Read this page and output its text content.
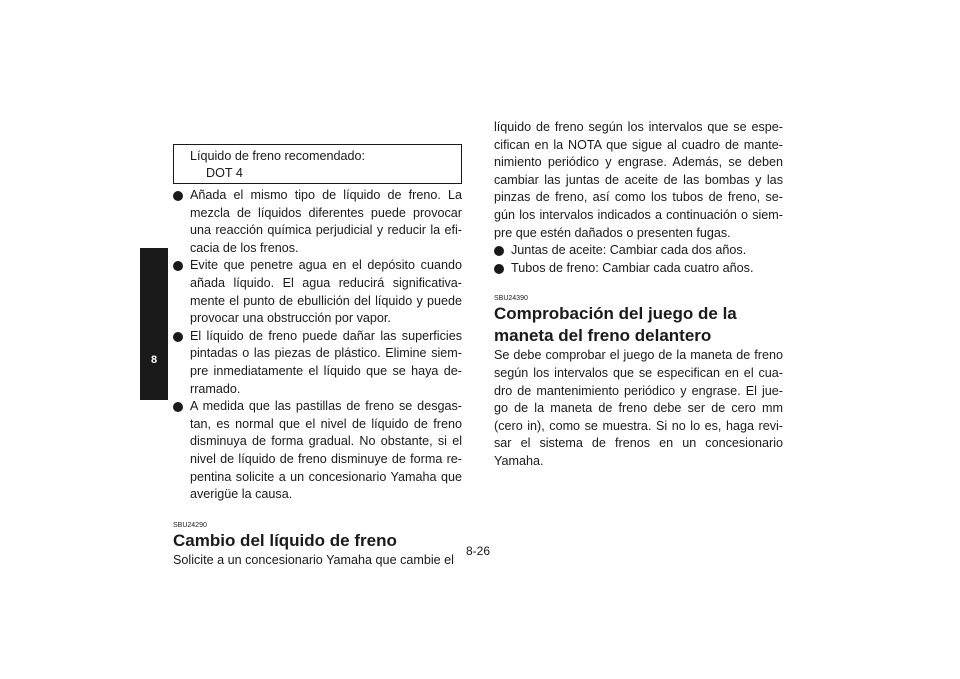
8
Líquido de freno recomendado:
DOT 4
Añada el mismo tipo de líquido de freno. La mezcla de líquidos diferentes puede provocar una reacción química perjudicial y reducir la efi-cacia de los frenos.
Evite que penetre agua en el depósito cuando añada líquido. El agua reducirá significativa-mente el punto de ebullición del líquido y puede provocar una obstrucción por vapor.
El líquido de freno puede dañar las superficies pintadas o las piezas de plástico. Elimine siem-pre inmediatamente el líquido que se haya de-rramado.
A medida que las pastillas de freno se desgas-tan, es normal que el nivel de líquido de freno disminuya de forma gradual. No obstante, si el nivel de líquido de freno disminuye de forma re-pentina solicite a un concesionario Yamaha que averigüe la causa.

SBU24290

Cambio del líquido de freno

Solicite a un concesionario Yamaha que cambie el

líquido de freno según los intervalos que se espe-cifican en la NOTA que sigue al cuadro de mante-nimiento periódico y engrase. Además, se deben cambiar las juntas de aceite de las bombas y las pinzas de freno, así como los tubos de freno, se-gún los intervalos indicados a continuación o siem-pre que estén dañados o presenten fugas.

Juntas de aceite: Cambiar cada dos años.
Tubos de freno: Cambiar cada cuatro años.

SBU24390

Comprobación del juego de la maneta del freno delantero

Se debe comprobar el juego de la maneta de freno según los intervalos que se especifican en el cua-dro de mantenimiento periódico y engrase. El jue-go de la maneta de freno debe ser de cero mm (cero in), como se muestra. Si no lo es, haga revi-sar el sistema de frenos en un concesionario Yamaha.

8-26
